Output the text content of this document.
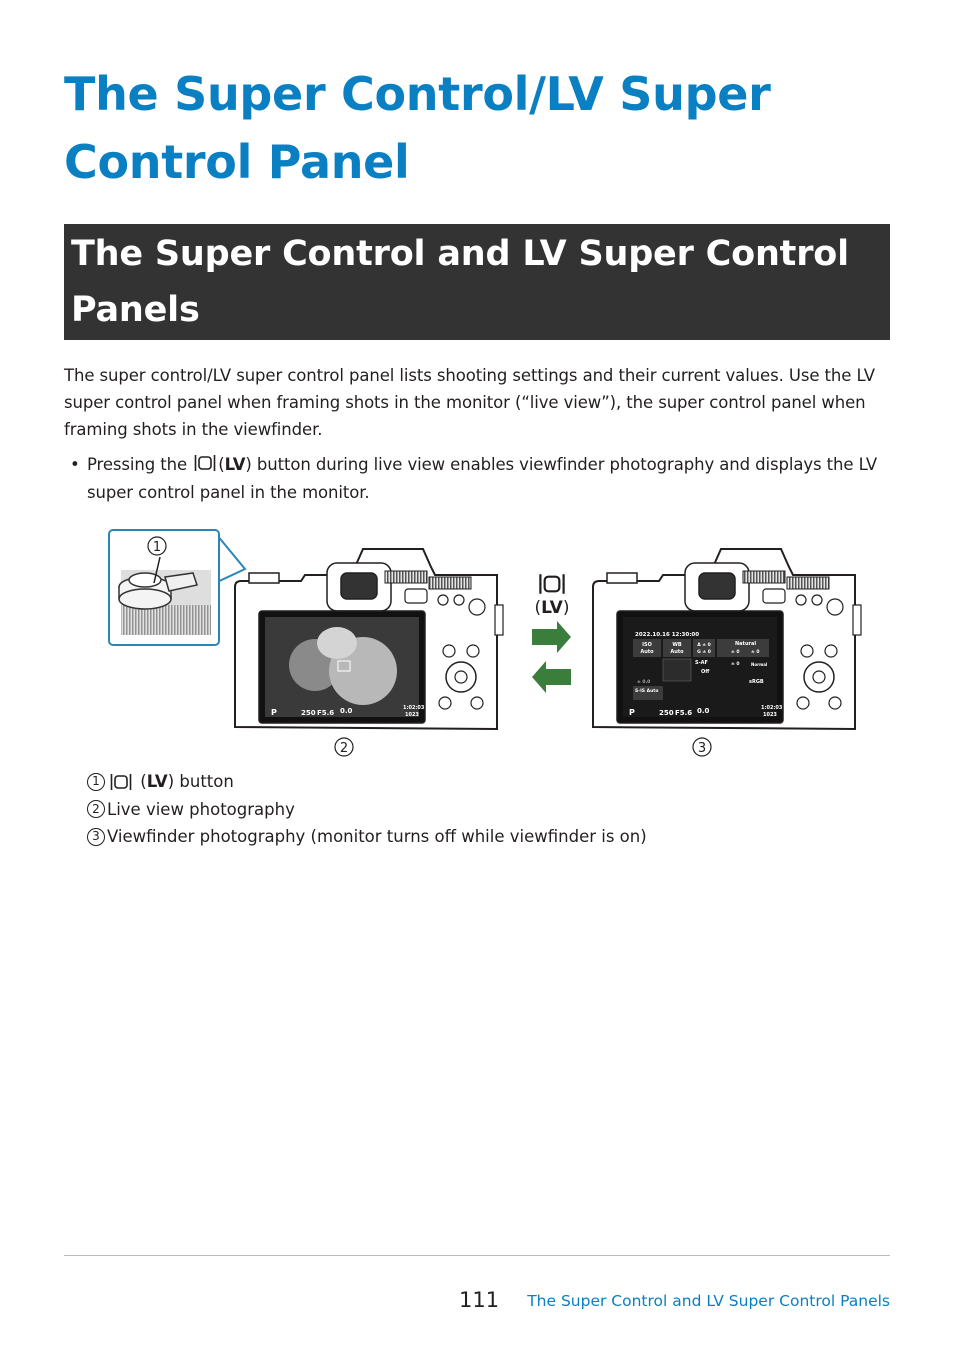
The Super Control/LV Super Control Panel
The Super Control and LV Super Control Panels

The super control/LV super control panel lists shooting settings and their current values. Use the LV super control panel when framing shots in the monitor (“live view”), the super control panel when framing shots in the viewfinder.

• Pressing the (LV) button during live view enables viewfinder photography and displays the LV super control panel in the monitor.
1
P	250 F5.6 0.0	1:02:03
1023
2
(LV)
2022.10.16 12:30:00
ISO
Auto
WB
Auto
A ± 0
G ± 0
Natural
± 0	± 0
S-AF
Off
± 0	Normal
± 0.0	sRGB
S-IS Auto
P	250 F5.6 0.0	1:02:03
1023
3
1	(LV) button
2 Live view photography
3 Viewfinder photography (monitor turns off while viewfinder is on)
111 The Super Control and LV Super Control Panels
